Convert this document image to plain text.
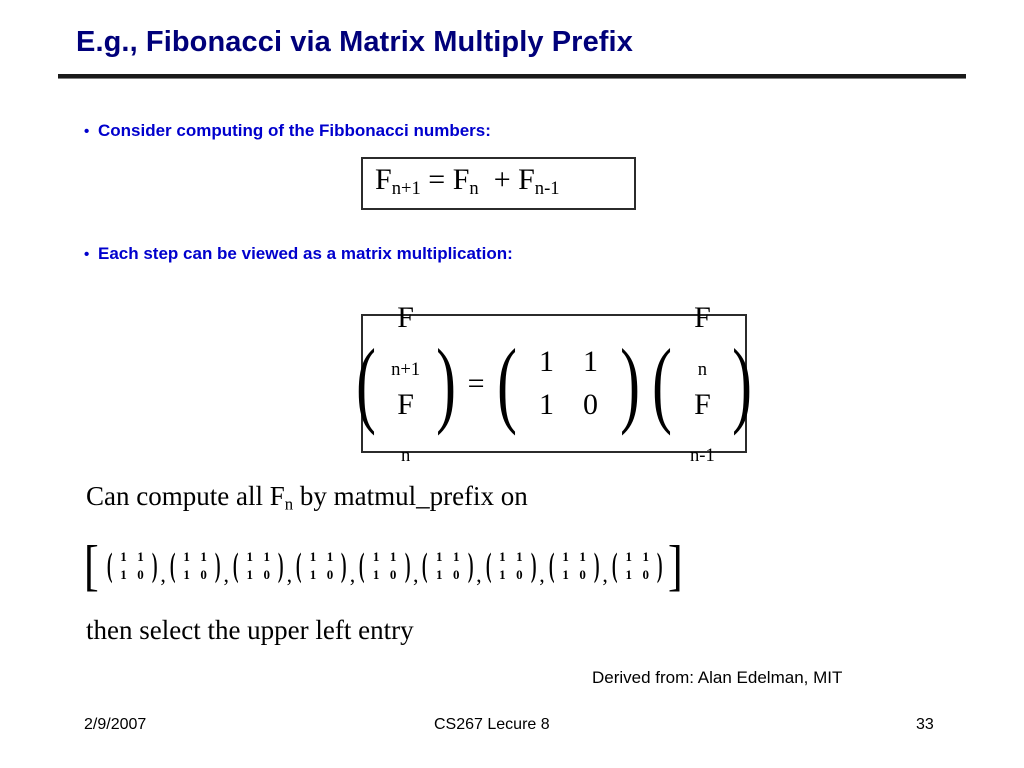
E.g., Fibonacci via Matrix Multiply Prefix
• Consider computing of the Fibbonacci numbers:
$F_{n+1} = F_n + F_{n-1}$
• Each step can be viewed as a matrix multiplication:
(
$F_{n+1}$
$F_n$
) = ( 1 1
1 0 ) (
$F_n$
$F_{n-1}$
)
Can compute all $F_n$ by matmul_prefix on
[ ( 1 1
1 0 ) , ( 1 1
1 0 ) , ( 1 1
1 0 ) , ( 1 1
1 0 ) , ( 1 1
1 0 ) , ( 1 1
1 0 ) , ( 1 1
1 0 ) , ( 1 1
1 0 ) , ( 1 1
1 0 ) ]
then select the upper left entry
Derived from: Alan Edelman, MIT
2/9/2007	CS267 Lecure 8	33
